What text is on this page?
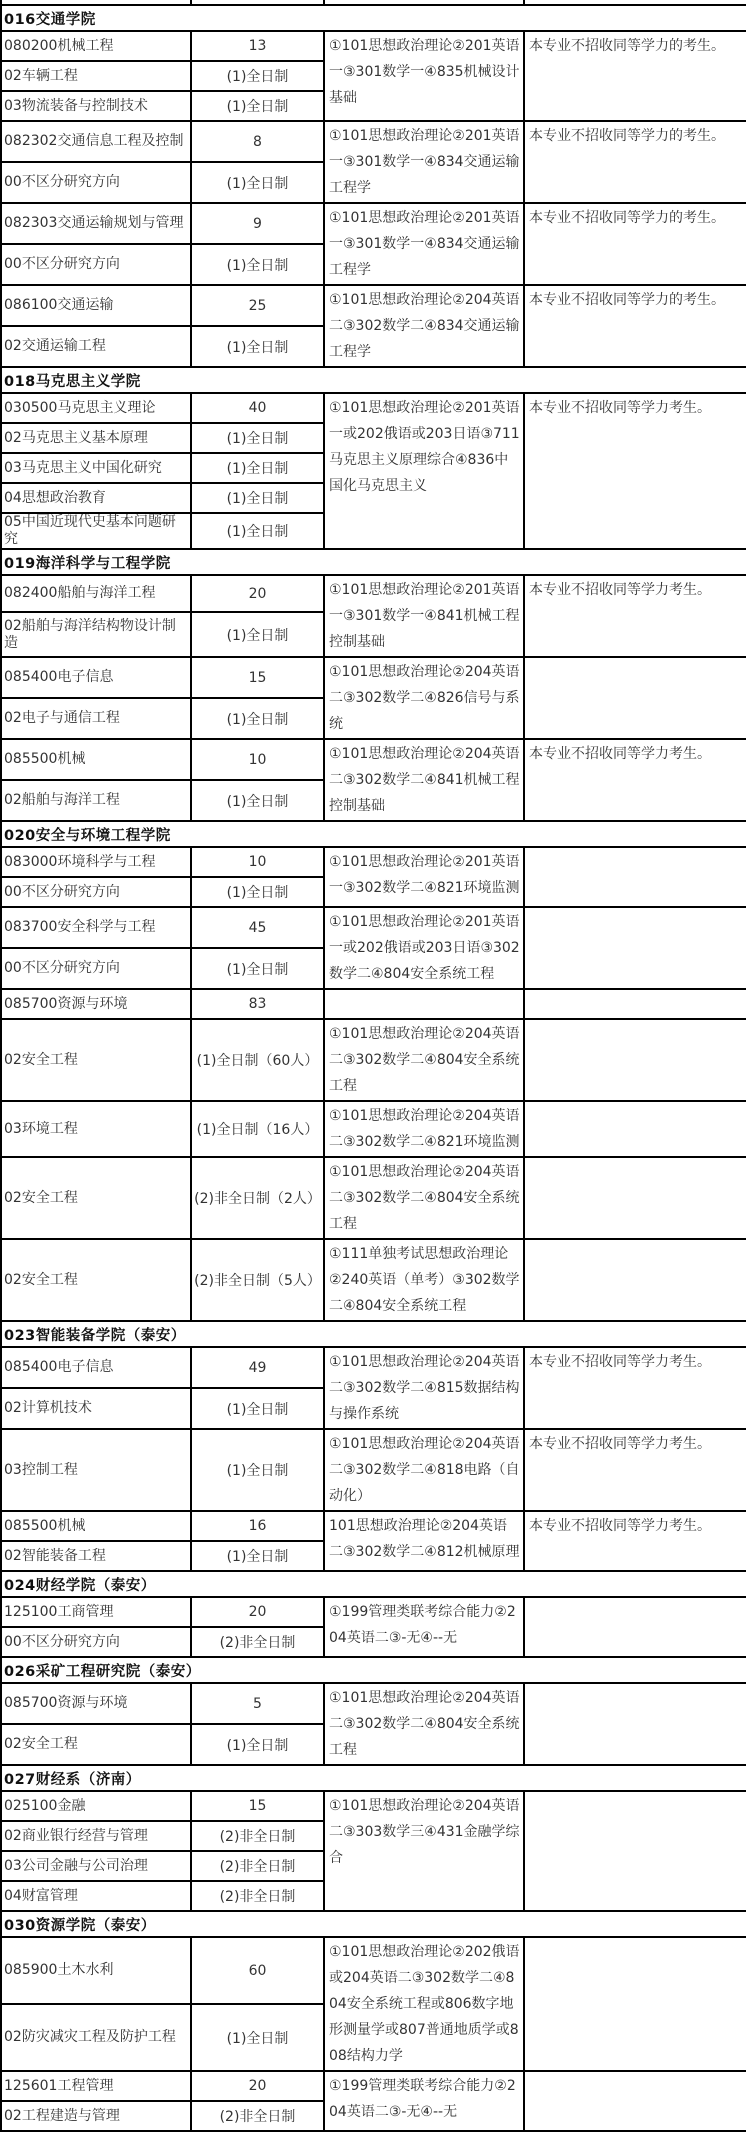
016交通学院			
080200机械工程	13	①101思想政治理论②201英语一③301数学一④835机械设计基础	本专业不招收同等学力的考生。
02车辆工程	(1)全日制		
03物流装备与控制技术	(1)全日制		
082302交通信息工程及控制	8	①101思想政治理论②201英语一③301数学一④834交通运输工程学	本专业不招收同等学力的考生。
00不区分研究方向	(1)全日制		
082303交通运输规划与管理	9	①101思想政治理论②201英语一③301数学一④834交通运输工程学	本专业不招收同等学力的考生。
00不区分研究方向	(1)全日制		
086100交通运输	25	①101思想政治理论②204英语二③302数学二④834交通运输工程学	本专业不招收同等学力的考生。
02交通运输工程	(1)全日制		
018马克思主义学院			
030500马克思主义理论	40	①101思想政治理论②201英语一或202俄语或203日语③711马克思主义原理综合④836中国化马克思主义	本专业不招收同等学力考生。
02马克思主义基本原理	(1)全日制		
03马克思主义中国化研究	(1)全日制		
04思想政治教育	(1)全日制		
05中国近现代史基本问题研究	(1)全日制		
019海洋科学与工程学院			
082400船舶与海洋工程	20	①101思想政治理论②201英语一③301数学一④841机械工程控制基础	本专业不招收同等学力考生。
02船舶与海洋结构物设计制造	(1)全日制		
085400电子信息	15	①101思想政治理论②204英语二③302数学二④826信号与系统	
02电子与通信工程	(1)全日制		
085500机械	10	①101思想政治理论②204英语二③302数学二④841机械工程控制基础	本专业不招收同等学力考生。
02船舶与海洋工程	(1)全日制		
020安全与环境工程学院			
083000环境科学与工程	10	①101思想政治理论②201英语一③302数学二④821环境监测	
00不区分研究方向	(1)全日制		
083700安全科学与工程	45	①101思想政治理论②201英语一或202俄语或203日语③302数学二④804安全系统工程	
00不区分研究方向	(1)全日制		
085700资源与环境	83		
02安全工程	(1)全日制（60人）	①101思想政治理论②204英语二③302数学二④804安全系统工程	
03环境工程	(1)全日制（16人）	①101思想政治理论②204英语二③302数学二④821环境监测	
02安全工程	(2)非全日制（2人）	①101思想政治理论②204英语二③302数学二④804安全系统工程	
02安全工程	(2)非全日制（5人）	①111单独考试思想政治理论②240英语（单考）③302数学二④804安全系统工程	
023智能装备学院（泰安）			
085400电子信息	49	①101思想政治理论②204英语二③302数学二④815数据结构与操作系统	本专业不招收同等学力考生。
02计算机技术	(1)全日制		
03控制工程	(1)全日制	①101思想政治理论②204英语二③302数学二④818电路（自动化）	本专业不招收同等学力考生。
085500机械	16	101思想政治理论②204英语二③302数学二④812机械原理	本专业不招收同等学力考生。
02智能装备工程	(1)全日制		
024财经学院（泰安）			
125100工商管理	20	①199管理类联考综合能力②204英语二③-无④--无	
00不区分研究方向	(2)非全日制		
026采矿工程研究院（泰安）			
085700资源与环境	5	①101思想政治理论②204英语二③302数学二④804安全系统工程	
02安全工程	(1)全日制		
027财经系（济南）			
025100金融	15	①101思想政治理论②204英语二③303数学三④431金融学综合	
02商业银行经营与管理	(2)非全日制		
03公司金融与公司治理	(2)非全日制		
04财富管理	(2)非全日制		
030资源学院（泰安）			
085900土木水利	60	①101思想政治理论②202俄语或204英语二③302数学二④804安全系统工程或806数字地形测量学或807普通地质学或808结构力学	
02防灾减灾工程及防护工程	(1)全日制		
125601工程管理	20	①199管理类联考综合能力②204英语二③-无④--无	
02工程建造与管理	(2)非全日制		
